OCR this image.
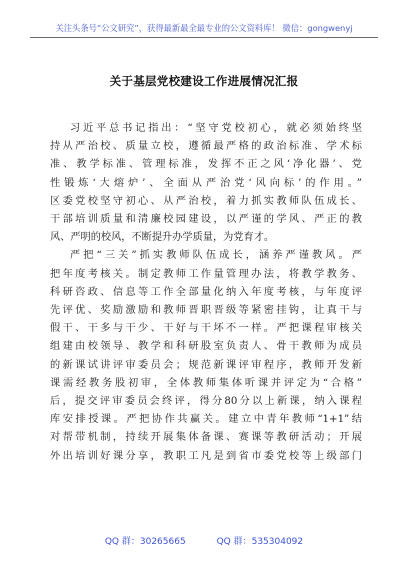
关注头条号“公文研究”，获得最新最全最专业的公文资料库！ 微信：gongwenyj
关于基层党校建设工作进展情况汇报

习近平总书记指出：“坚守党校初心，就必须始终坚

持从严治校、质量立校，遵循最严格的政治标准、学术标

准、教学标准、管理标准，发挥不正之风‘净化器’、党

性锻炼‘大熔炉’、全面从严治党‘风向标’的作用。”

区委党校坚守初心、从严治校，着力抓实教师队伍成长、

干部培训质量和清廉校园建设，以严谨的学风、严正的教

风、严明的校风，不断提升办学质量，为党育才。

严把“三关”抓实教师队伍成长，涵养严谨教风。严

把年度考核关。制定教师工作量管理办法，将教学教务、

科研咨政、信息等工作全部量化纳入年度考核，与年度评

先评优、奖励激励和教师晋职晋级等紧密挂钩，让真干与

假干、干多与干少、干好与干坏不一样。严把课程审核关

组建由校领导、教学和科研股室负责人、骨干教师为成员

的新课试讲评审委员会；规范新课评审程序，教师开发新

课需经教务股初审，全体教师集体听课并评定为“合格”

后，提交评审委员会终评，得分80分以上新课，纳入课程

库安排授课。严把协作共赢关。建立中青年教师“1+1”结

对帮带机制，持续开展集体备课、赛课等教研活动；开展

外出培训好课分享，教职工凡是到省市委党校等上级部门

QQ 群：30265665	QQ 群：535304092
